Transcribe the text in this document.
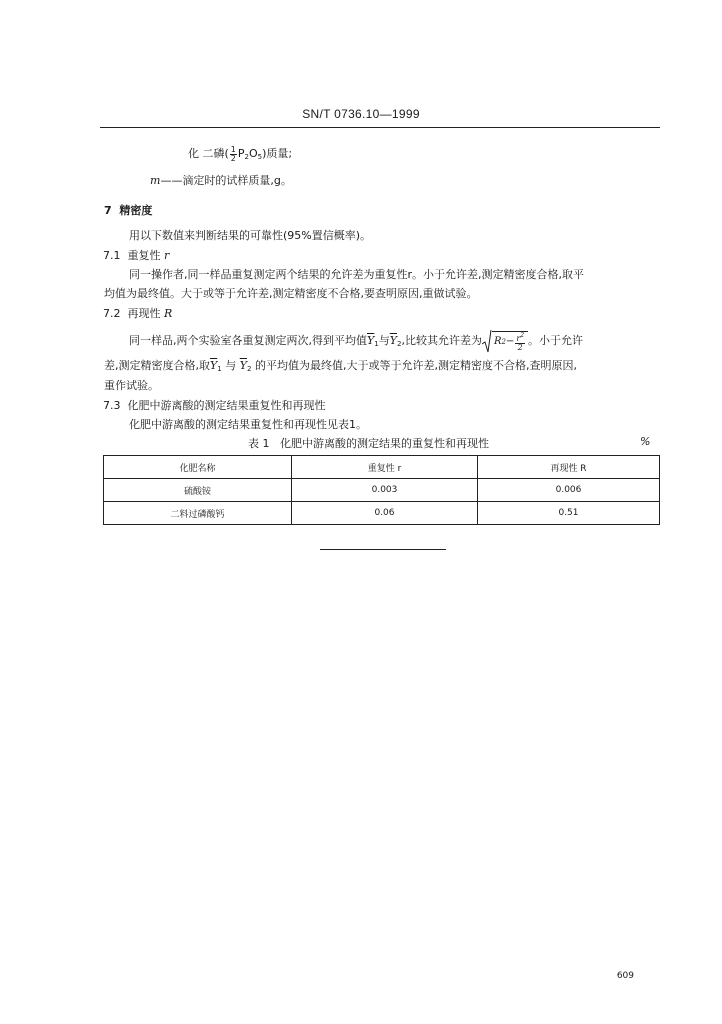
SN/T 0736.10—1999
化 二磷( $\frac{1}{2} P_2O_5$)质量;
m——滴定时的试样质量,g。
7 精密度
用以下数值来判断结果的可靠性(95%置信概率)。
7.1 重复性 r
同一操作者,同一样品重复测定两个结果的允许差为重复性r。小于允许差,测定精密度合格,取平
均值为最终值。大于或等于允许差,测定精密度不合格,要查明原因,重做试验。
7.2 再现性 R
同一样品,两个实验室各重复测定两次,得到平均值$\overline{Y}_1$与$\overline{Y}_2$,比较其允许差为 R $2 - \frac{r^2}{2}$ 。小于允许
差,测定精密度合格,取$\overline{Y}_1$ 与 $\overline{Y}_2$ 的平均值为最终值,大于或等于允许差,测定精密度不合格,查明原因,
重作试验。
7.3 化肥中游离酸的测定结果重复性和再现性
化肥中游离酸的测定结果重复性和再现性见表1。
表 1 化肥中游离酸的测定结果的重复性和再现性	%
化肥名称	重复性 r	再现性 R
硫酸铵	0.003	0.006
二料过磷酸钙	0.06	0.51
609
